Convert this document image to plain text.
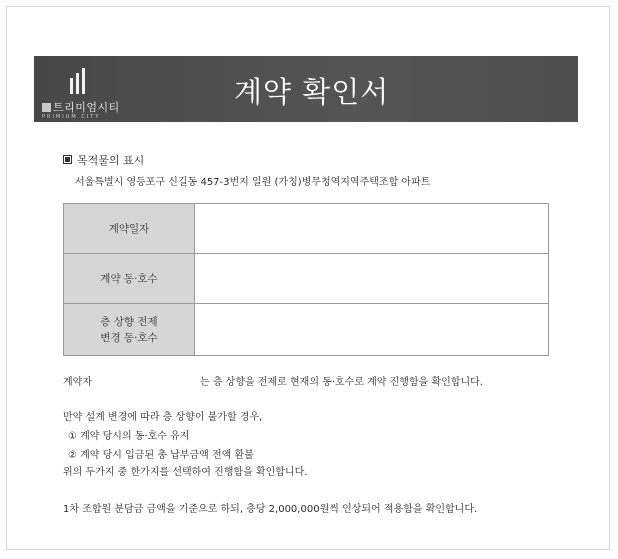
트리미엄시티
PRIMIUM CITY
계약 확인서
목적물의 표시
서울특별시 영등포구 신길동 457-3번지 일원 (가칭)병무청역지역주택조합 아파트
계약일자	
계약 동·호수	
층 상향 전제
변경 동·호수	
계약자	는 층 상향을 전제로 현재의 동·호수로 계약 진행함을 확인합니다.
만약 설계 변경에 따라 층 상향이 불가할 경우,
① 계약 당시의 동·호수 유지
② 계약 당시 입금된 총 납부금액 전액 환불
위의 두가지 중 한가지를 선택하여 진행함을 확인합니다.
1차 조합원 분담금 금액을 기준으로 하되, 층당 2,000,000원씩 인상되어 적용함을 확인합니다.
